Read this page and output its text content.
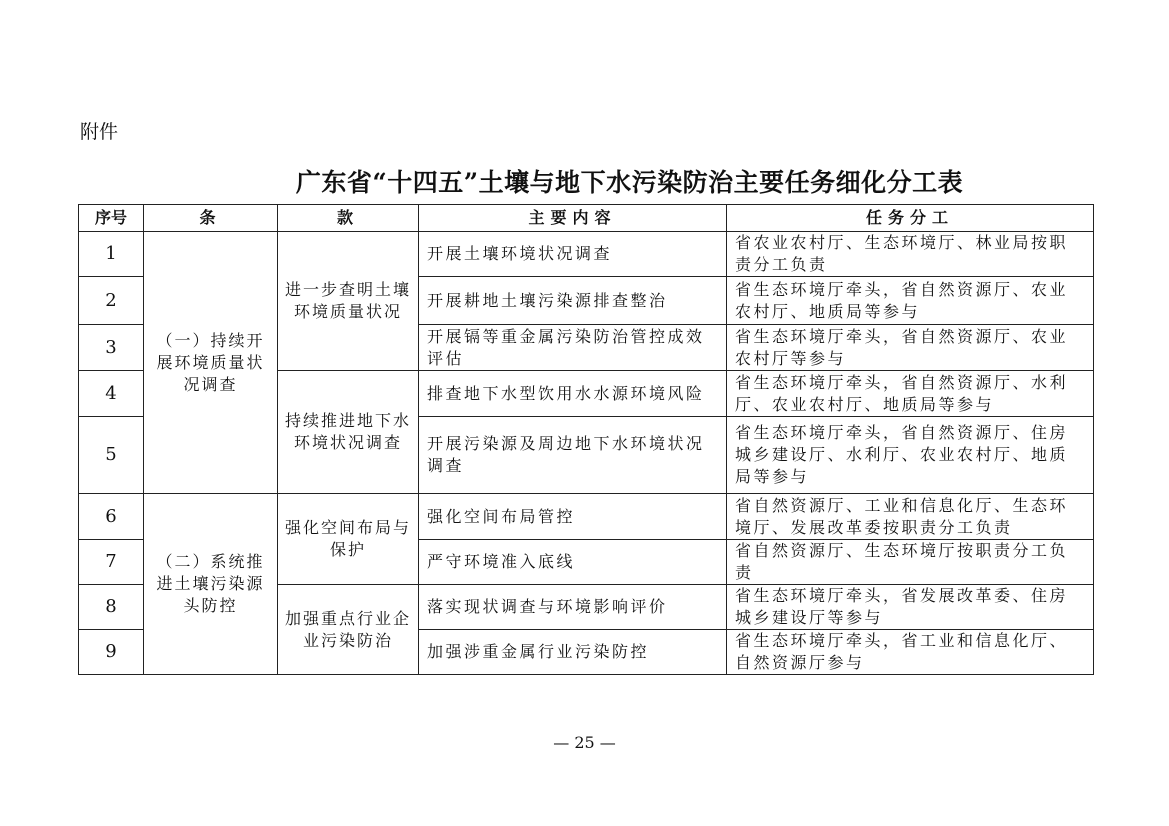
附件
广东省“十四五”土壤与地下水污染防治主要任务细化分工表
序号	条	款	主要内容	任务分工
1	（一）持续开展环境质量状况调查	进一步查明土壤环境质量状况	开展土壤环境状况调查	省农业农村厅、生态环境厅、林业局按职责分工负责
2			开展耕地土壤污染源排查整治	省生态环境厅牵头，省自然资源厅、农业农村厅、地质局等参与
3			开展镉等重金属污染防治管控成效评估	省生态环境厅牵头，省自然资源厅、农业农村厅等参与
4		持续推进地下水环境状况调查	排查地下水型饮用水水源环境风险	省生态环境厅牵头，省自然资源厅、水利厅、农业农村厅、地质局等参与
5			开展污染源及周边地下水环境状况调查	省生态环境厅牵头，省自然资源厅、住房城乡建设厅、水利厅、农业农村厅、地质局等参与
6	（二）系统推进土壤污染源头防控	强化空间布局与保护	强化空间布局管控	省自然资源厅、工业和信息化厅、生态环境厅、发展改革委按职责分工负责
7			严守环境准入底线	省自然资源厅、生态环境厅按职责分工负责
8		加强重点行业企业污染防治	落实现状调查与环境影响评价	省生态环境厅牵头，省发展改革委、住房城乡建设厅等参与
9			加强涉重金属行业污染防控	省生态环境厅牵头，省工业和信息化厅、自然资源厅参与
— 25 —
